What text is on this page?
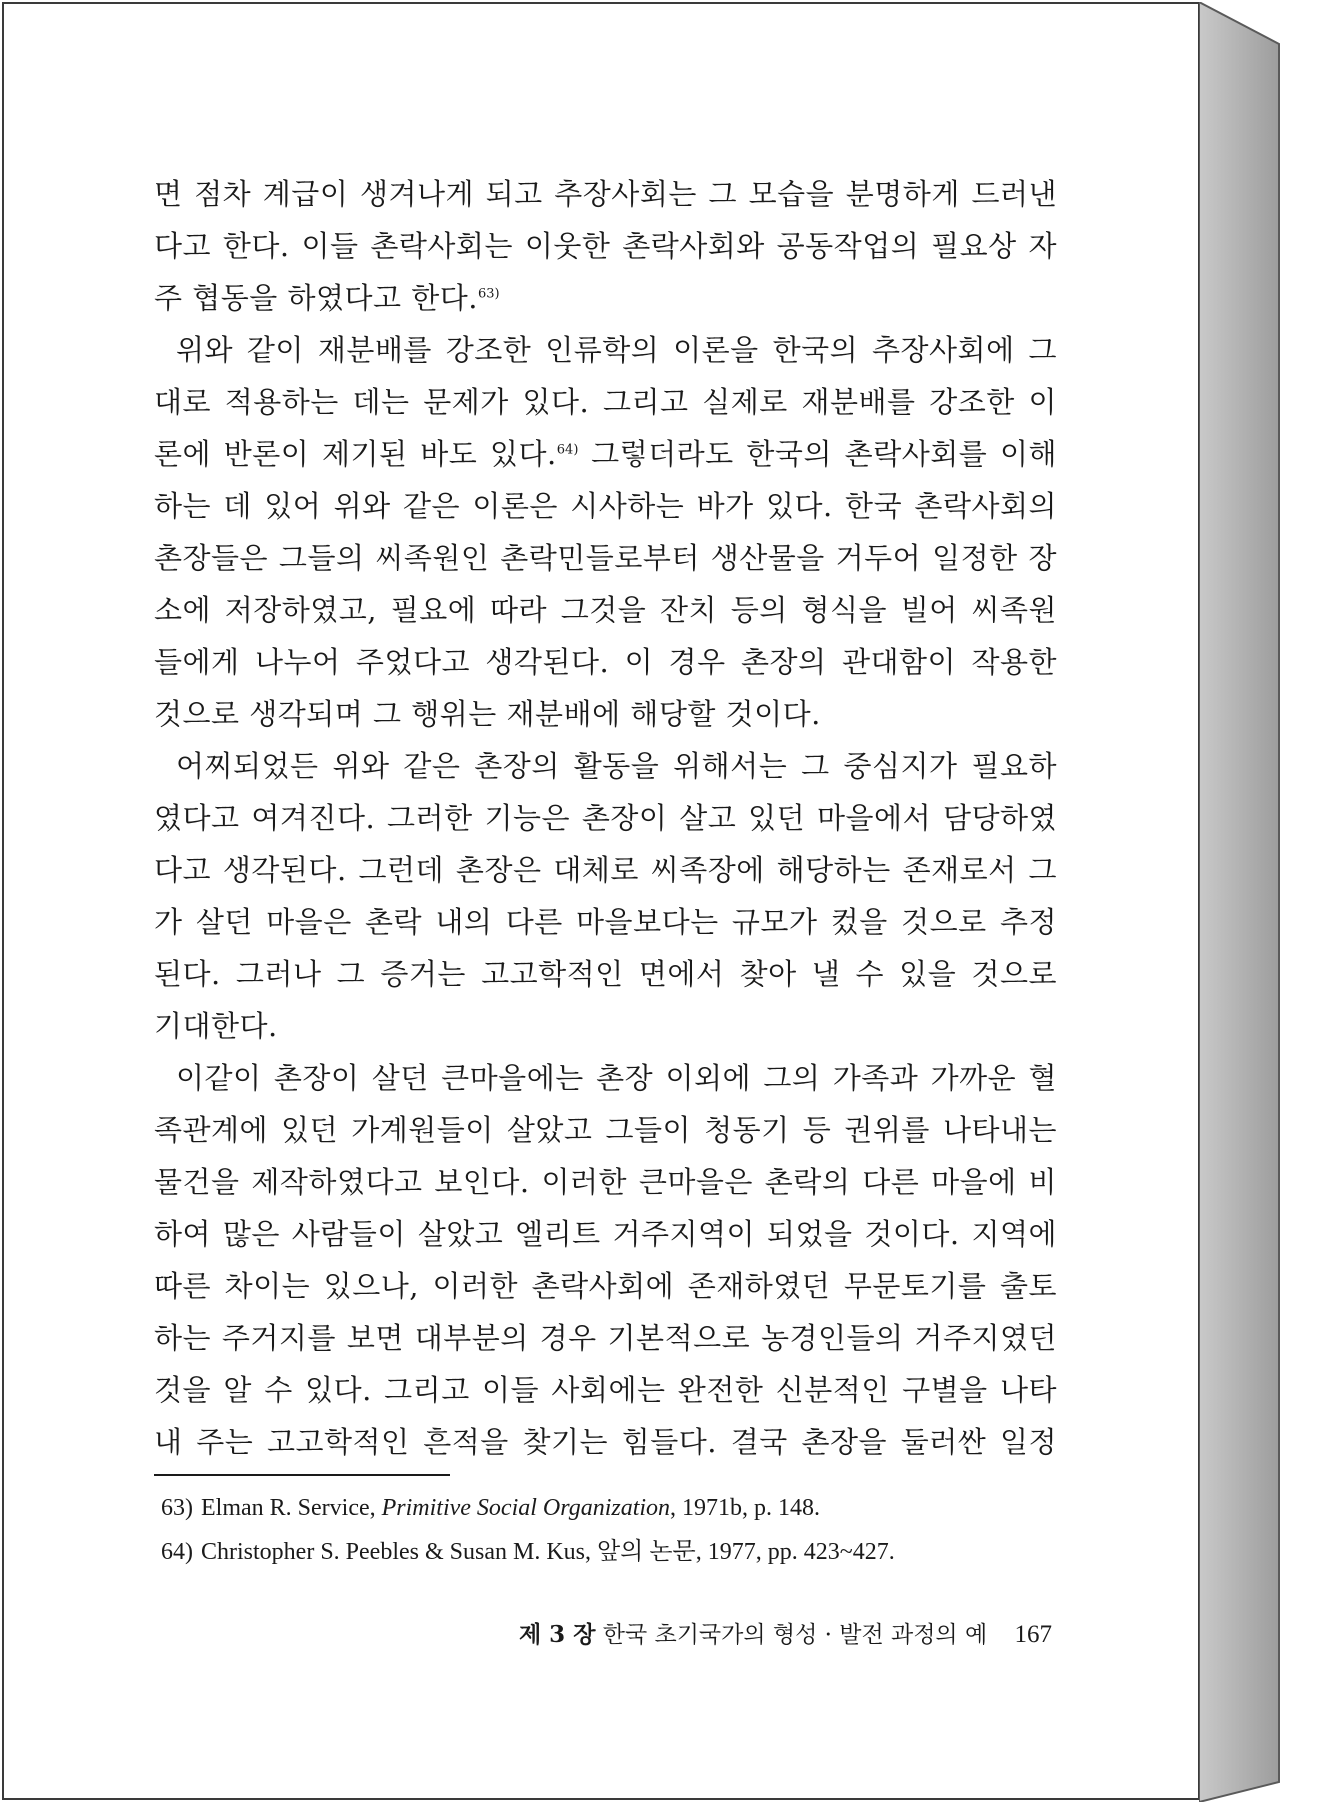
면 점차 계급이 생겨나게 되고 추장사회는 그 모습을 분명하게 드러낸
다고 한다. 이들 촌락사회는 이웃한 촌락사회와 공동작업의 필요상 자
주 협동을 하였다고 한다.$^{63)}$
위와 같이 재분배를 강조한 인류학의 이론을 한국의 추장사회에 그
대로 적용하는 데는 문제가 있다. 그리고 실제로 재분배를 강조한 이
론에 반론이 제기된 바도 있다.$^{64)}$ 그렇더라도 한국의 촌락사회를 이해
하는 데 있어 위와 같은 이론은 시사하는 바가 있다. 한국 촌락사회의
촌장들은 그들의 씨족원인 촌락민들로부터 생산물을 거두어 일정한 장
소에 저장하였고, 필요에 따라 그것을 잔치 등의 형식을 빌어 씨족원
들에게 나누어 주었다고 생각된다. 이 경우 촌장의 관대함이 작용한
것으로 생각되며 그 행위는 재분배에 해당할 것이다.
어찌되었든 위와 같은 촌장의 활동을 위해서는 그 중심지가 필요하
였다고 여겨진다. 그러한 기능은 촌장이 살고 있던 마을에서 담당하였
다고 생각된다. 그런데 촌장은 대체로 씨족장에 해당하는 존재로서 그
가 살던 마을은 촌락 내의 다른 마을보다는 규모가 컸을 것으로 추정
된다. 그러나 그 증거는 고고학적인 면에서 찾아 낼 수 있을 것으로
기대한다.
이같이 촌장이 살던 큰마을에는 촌장 이외에 그의 가족과 가까운 혈
족관계에 있던 가계원들이 살았고 그들이 청동기 등 권위를 나타내는
물건을 제작하였다고 보인다. 이러한 큰마을은 촌락의 다른 마을에 비
하여 많은 사람들이 살았고 엘리트 거주지역이 되었을 것이다. 지역에
따른 차이는 있으나, 이러한 촌락사회에 존재하였던 무문토기를 출토
하는 주거지를 보면 대부분의 경우 기본적으로 농경인들의 거주지였던
것을 알 수 있다. 그리고 이들 사회에는 완전한 신분적인 구별을 나타
내 주는 고고학적인 흔적을 찾기는 힘들다. 결국 촌장을 둘러싼 일정
63) Elman R. Service, Primitive Social Organization, 1971b, p. 148.
64) Christopher S. Peebles & Susan M. Kus, 앞의 논문, 1977, pp. 423~427.
제 3 장 한국 초기국가의 형성 · 발전 과정의 예 167
